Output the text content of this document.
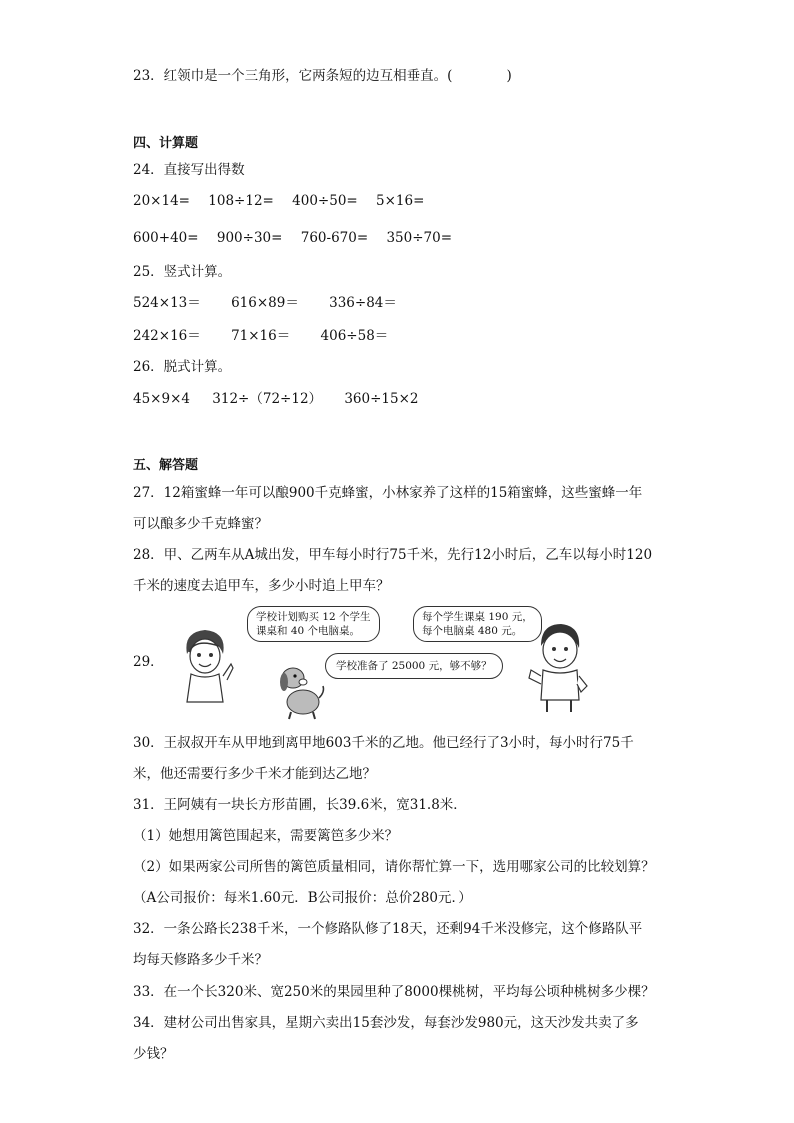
23．红领巾是一个三角形，它两条短的边互相垂直。(　　　　)
四、计算题
24．直接写出得数
20×14= 108÷12= 400÷50= 5×16=
600+40= 900÷30= 760-670= 350÷70=
25．竖式计算。
524×13＝ 616×89＝ 336÷84＝
242×16＝ 71×16＝ 406÷58＝
26．脱式计算。
45×9×4 312÷（72÷12） 360÷15×2
五、解答题
27．12箱蜜蜂一年可以酿900千克蜂蜜，小林家养了这样的15箱蜜蜂，这些蜜蜂一年
可以酿多少千克蜂蜜？
28．甲、乙两车从A城出发，甲车每小时行75千米，先行12小时后，乙车以每小时120
千米的速度去追甲车，多少小时追上甲车？
29．
学校计划购买 12 个学生
课桌和 40 个电脑桌。
学校准备了 25000 元，够不够？
每个学生课桌 190 元，
每个电脑桌 480 元。
30．王叔叔开车从甲地到离甲地603千米的乙地。他已经行了3小时，每小时行75千
米，他还需要行多少千米才能到达乙地？
31．王阿姨有一块长方形苗圃，长39.6米，宽31.8米．
（1）她想用篱笆围起来，需要篱笆多少米？
（2）如果两家公司所售的篱笆质量相同，请你帮忙算一下，选用哪家公司的比较划算？
（A公司报价：每米1.60元．B公司报价：总价280元．）
32．一条公路长238千米，一个修路队修了18天，还剩94千米没修完，这个修路队平
均每天修路多少千米？
33．在一个长320米、宽250米的果园里种了8000棵桃树，平均每公顷种桃树多少棵？
34．建材公司出售家具，星期六卖出15套沙发，每套沙发980元，这天沙发共卖了多
少钱？
